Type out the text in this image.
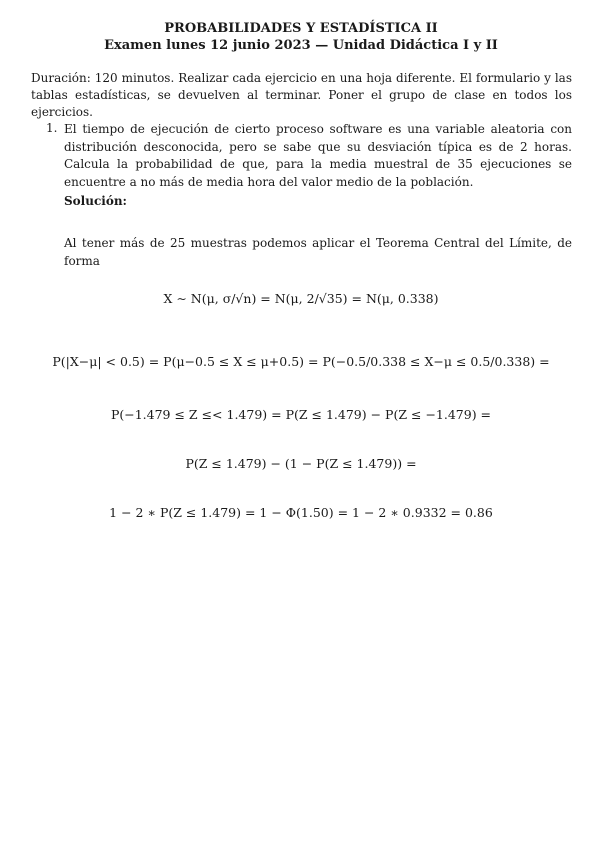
PROBABILIDADES Y ESTADÍSTICA II
Examen lunes 12 junio 2023 — Unidad Didáctica I y II
Duración: 120 minutos. Realizar cada ejercicio en una hoja diferente. El formulario y las
tablas estadísticas, se devuelven al terminar. Poner el grupo de clase en todos los ejercicios.
1. El tiempo de ejecución de cierto proceso software es una variable aleatoria con distribución desconocida, pero se sabe que su desviación típica es de 2 horas. Calcula la probabilidad de que, para la media muestral de 35 ejecuciones se encuentre a no más de media hora del valor medio de la población.
Solución:
Al tener más de 25 muestras podemos aplicar el Teorema Central del Límite, de forma
X ∼ N(μ, σ/√n) = N(μ, 2/√35) = N(μ, 0.338)
P(|X−μ| < 0.5) = P(μ−0.5 ≤ X ≤ μ+0.5) = P(−0.5/0.338 ≤ X−μ ≤ 0.5/0.338) =
P(−1.479 ≤ Z ≤< 1.479) = P(Z ≤ 1.479) − P(Z ≤ −1.479) =
P(Z ≤ 1.479) − (1 − P(Z ≤ 1.479)) =
1 − 2 ∗ P(Z ≤ 1.479) = 1 − Φ(1.50) = 1 − 2 ∗ 0.9332 = 0.86
